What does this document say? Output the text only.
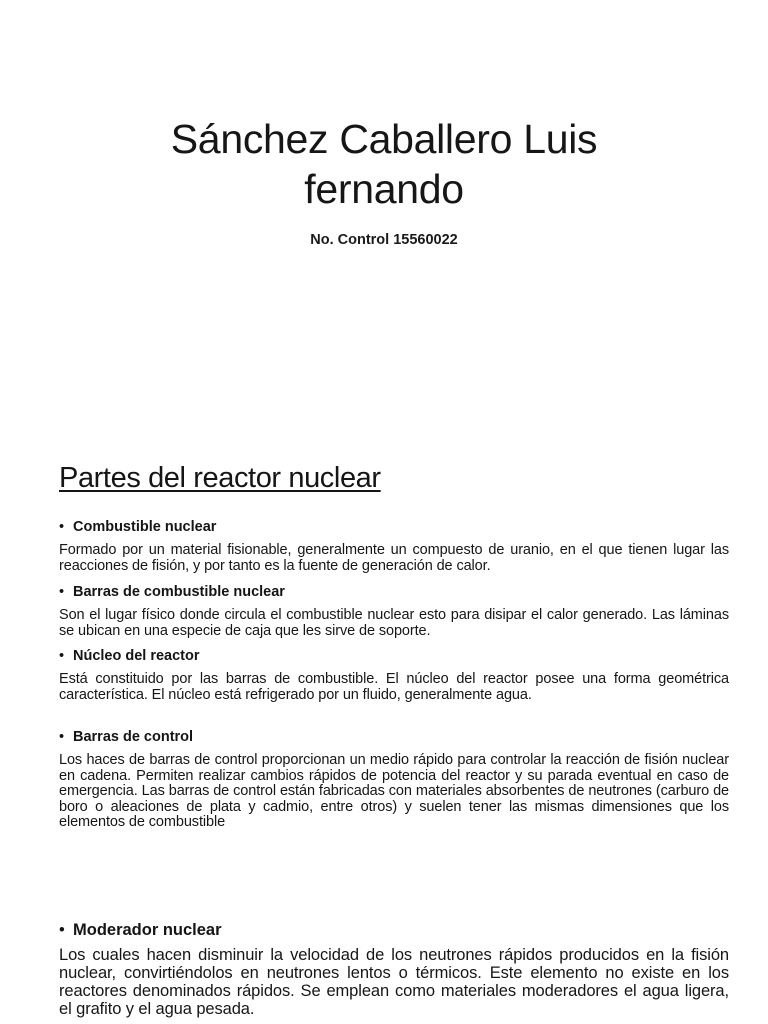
Sánchez Caballero Luis
fernando

No. Control 15560022

Partes del reactor nuclear

• Combustible nuclear

Formado por un material fisionable, generalmente un compuesto de uranio, en el que tienen lugar las reacciones de fisión, y por tanto es la fuente de generación de calor.

• Barras de combustible nuclear

Son el lugar físico donde circula el combustible nuclear esto para disipar el calor generado. Las láminas se ubican en una especie de caja que les sirve de soporte.

• Núcleo del reactor

Está constituido por las barras de combustible. El núcleo del reactor posee una forma geométrica característica. El núcleo está refrigerado por un fluido, generalmente agua.

• Barras de control

Los haces de barras de control proporcionan un medio rápido para controlar la reacción de fisión nuclear en cadena. Permiten realizar cambios rápidos de potencia del reactor y su parada eventual en caso de emergencia. Las barras de control están fabricadas con materiales absorbentes de neutrones (carburo de boro o aleaciones de plata y cadmio, entre otros) y suelen tener las mismas dimensiones que los elementos de combustible

• Moderador nuclear

Los cuales hacen disminuir la velocidad de los neutrones rápidos producidos en la fisión nuclear, convirtiéndolos en neutrones lentos o térmicos. Este elemento no existe en los reactores denominados rápidos. Se emplean como materiales moderadores el agua ligera, el grafito y el agua pesada.
